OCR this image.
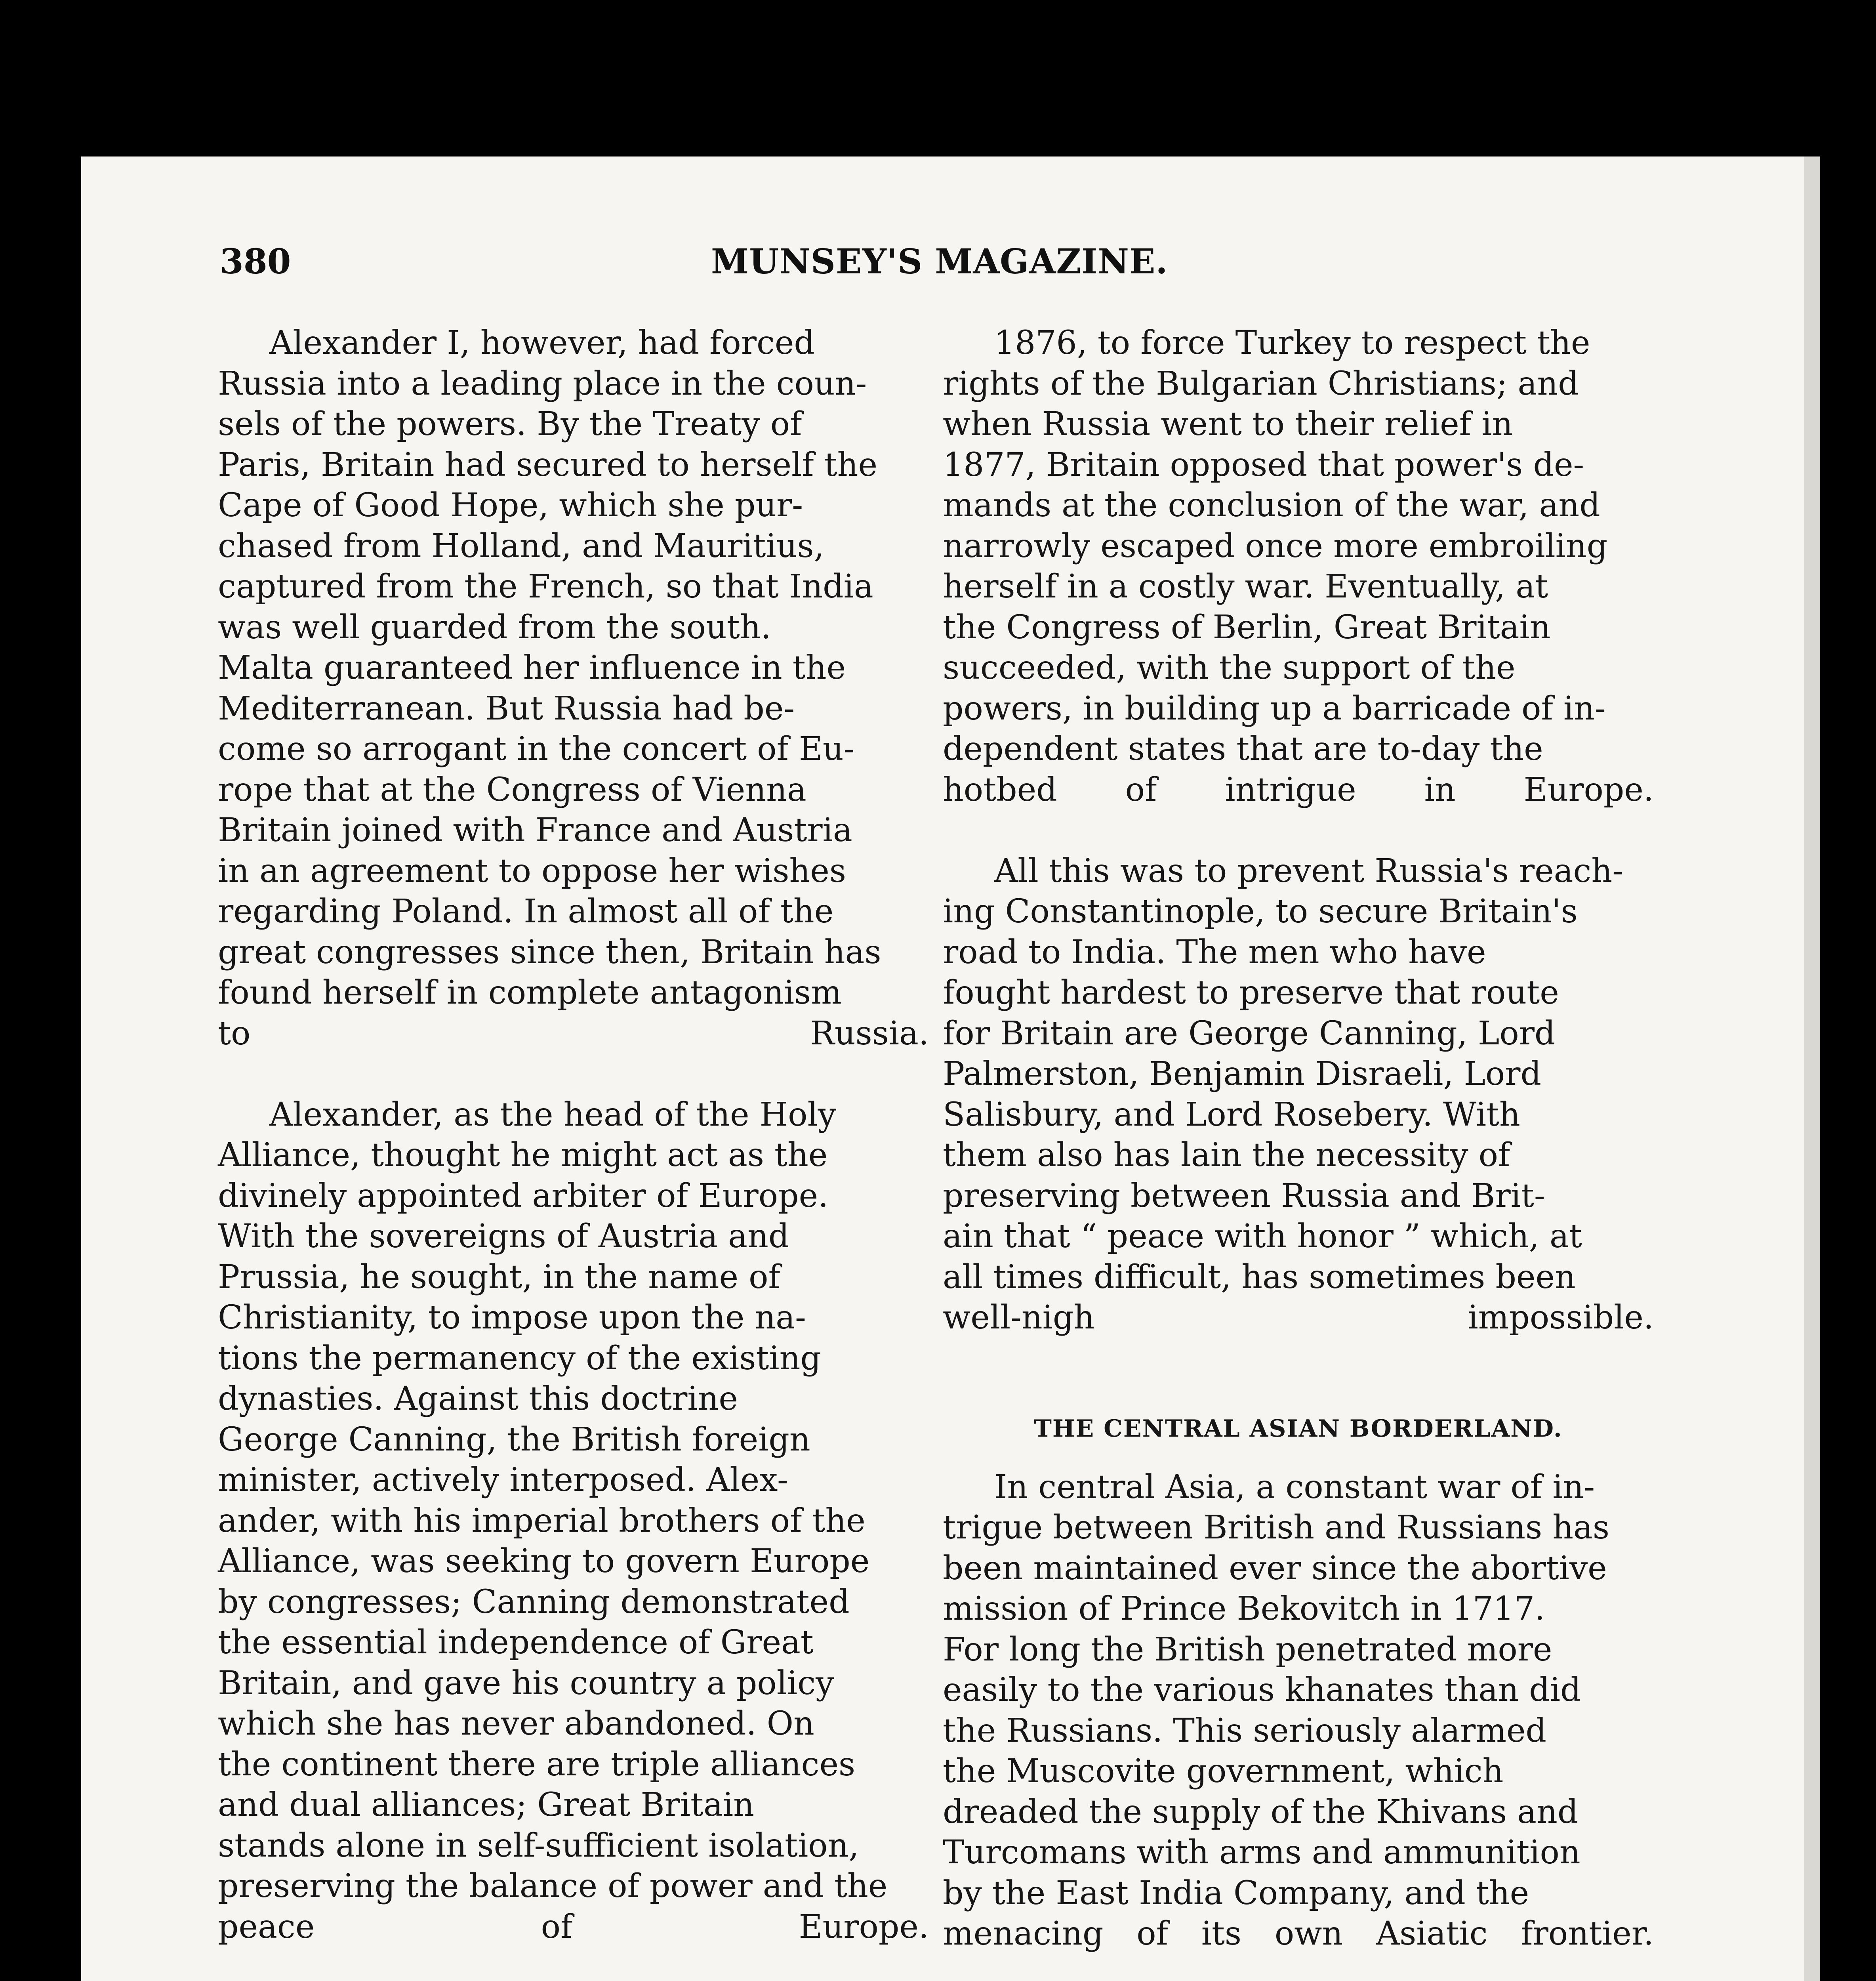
380	MUNSEY'S MAGAZINE.

Alexander I, however, had forced
Russia into a leading place in the coun-
sels of the powers. By the Treaty of
Paris, Britain had secured to herself the
Cape of Good Hope, which she pur-
chased from Holland, and Mauritius,
captured from the French, so that India
was well guarded from the south.
Malta guaranteed her influence in the
Mediterranean. But Russia had be-
come so arrogant in the concert of Eu-
rope that at the Congress of Vienna
Britain joined with France and Austria
in an agreement to oppose her wishes
regarding Poland. In almost all of the
great congresses since then, Britain has
found herself in complete antagonism
to Russia.

Alexander, as the head of the Holy
Alliance, thought he might act as the
divinely appointed arbiter of Europe.
With the sovereigns of Austria and
Prussia, he sought, in the name of
Christianity, to impose upon the na-
tions the permanency of the existing
dynasties. Against this doctrine
George Canning, the British foreign
minister, actively interposed. Alex-
ander, with his imperial brothers of the
Alliance, was seeking to govern Europe
by congresses; Canning demonstrated
the essential independence of Great
Britain, and gave his country a policy
which she has never abandoned. On
the continent there are triple alliances
and dual alliances; Great Britain
stands alone in self-sufficient isolation,
preserving the balance of power and the
peace of Europe.

1876, to force Turkey to respect the
rights of the Bulgarian Christians; and
when Russia went to their relief in
1877, Britain opposed that power's de-
mands at the conclusion of the war, and
narrowly escaped once more embroiling
herself in a costly war. Eventually, at
the Congress of Berlin, Great Britain
succeeded, with the support of the
powers, in building up a barricade of in-
dependent states that are to-day the
hotbed of intrigue in Europe.

All this was to prevent Russia's reach-
ing Constantinople, to secure Britain's
road to India. The men who have
fought hardest to preserve that route
for Britain are George Canning, Lord
Palmerston, Benjamin Disraeli, Lord
Salisbury, and Lord Rosebery. With
them also has lain the necessity of
preserving between Russia and Brit-
ain that “ peace with honor ” which, at
all times difficult, has sometimes been
well-nigh impossible.

THE CENTRAL ASIAN BORDERLAND.

In central Asia, a constant war of in-
trigue between British and Russians has
been maintained ever since the abortive
mission of Prince Bekovitch in 1717.
For long the British penetrated more
easily to the various khanates than did
the Russians. This seriously alarmed
the Muscovite government, which
dreaded the supply of the Khivans and
Turcomans with arms and ammunition
by the East India Company, and the
menacing of its own Asiatic frontier.
